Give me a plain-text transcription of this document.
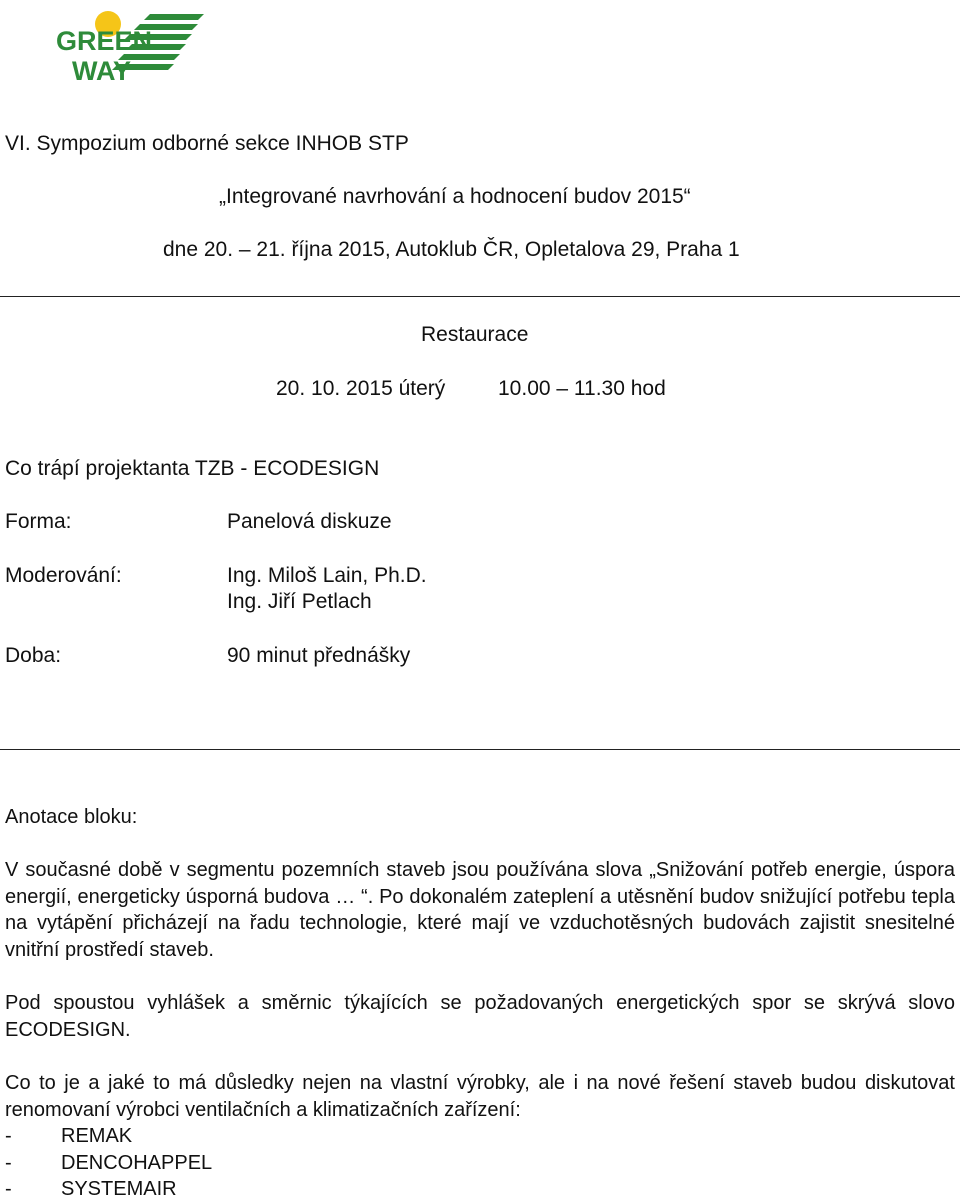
GREEN
WAY
VI. Sympozium odborné sekce INHOB STP
„Integrované navrhování a hodnocení budov 2015“
dne 20. – 21. října 2015, Autoklub ČR, Opletalova 29, Praha 1
Restaurace
20. 10. 2015 úterý	10.00 – 11.30 hod
Co trápí projektanta TZB - ECODESIGN
Forma:	Panelová diskuze
Moderování:	Ing. Miloš Lain, Ph.D.
Ing. Jiří Petlach
Doba:	90 minut přednášky
Anotace bloku:

V současné době v segmentu pozemních staveb jsou používána slova „Snižování potřeb energie, úspora energií, energeticky úsporná budova … “. Po dokonalém zateplení a utěsnění budov snižující potřebu tepla na vytápění přicházejí na řadu technologie, které mají ve vzduchotěsných budovách zajistit snesitelné vnitřní prostředí staveb.

Pod spoustou vyhlášek a směrnic týkajících se požadovaných energetických spor se skrývá slovo ECODESIGN.

Co to je a jaké to má důsledky nejen na vlastní výrobky, ale i na nové řešení staveb budou diskutovat renomovaní výrobci ventilačních a klimatizačních zařízení:

-	REMAK
-	DENCOHAPPEL
-	SYSTEMAIR
